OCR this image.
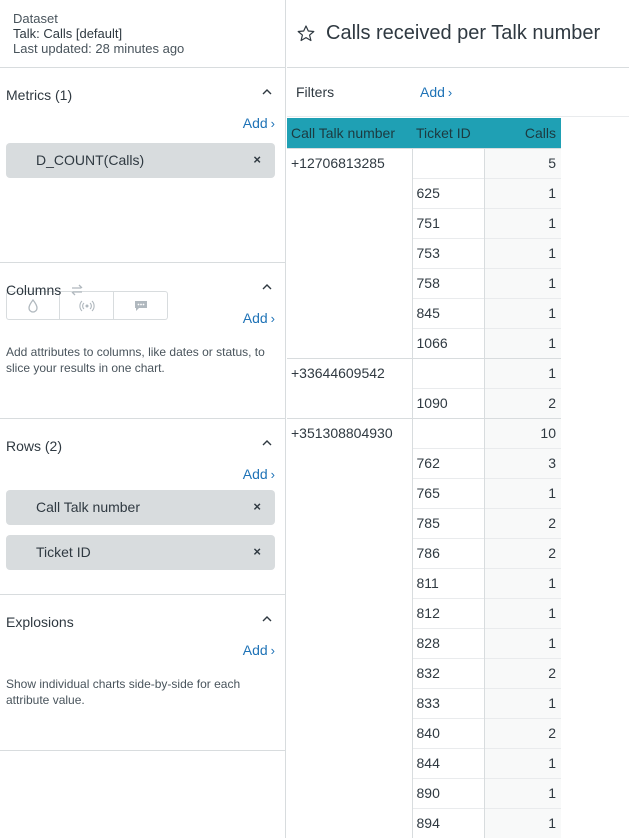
Dataset
Talk: Calls [default]
Last updated: 28 minutes ago
Metrics (1)
Add ›
D_COUNT(Calls)	×
Columns
Add ›
Add attributes to columns, like dates or status, to slice your results in one chart.
Rows (2)
Add ›
Call Talk number	×
Ticket ID	×
Explosions
Add ›
Show individual charts side-by-side for each attribute value.
Calls received per Talk number
Filters	Add ›
Call Talk number	Ticket ID	Calls
+12706813285		5
	625	1
	751	1
	753	1
	758	1
	845	1
	1066	1
+33644609542		1
	1090	2
+351308804930		10
	762	3
	765	1
	785	2
	786	2
	811	1
	812	1
	828	1
	832	2
	833	1
	840	2
	844	1
	890	1
	894	1
